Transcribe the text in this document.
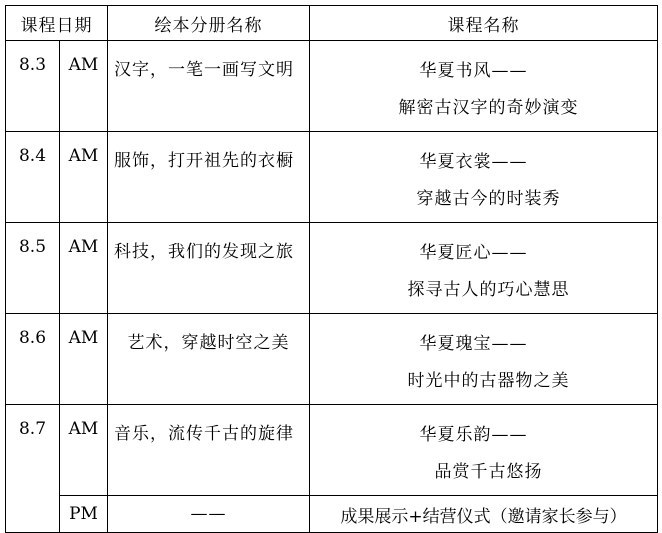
课程日期		绘本分册名称	课程名称
8.3	AM	汉字，一笔一画写文明	华夏书风——
解密古汉字的奇妙演变

8.4	AM	服饰，打开祖先的衣橱	华夏衣裳——
穿越古今的时装秀

8.5	AM	科技，我们的发现之旅	华夏匠心——
探寻古人的巧心慧思

8.6	AM	艺术，穿越时空之美	华夏瑰宝——
时光中的古器物之美

8.7	AM	音乐，流传千古的旋律	华夏乐韵——
品赏千古悠扬

	PM	——	成果展示+结营仪式（邀请家长参与）
